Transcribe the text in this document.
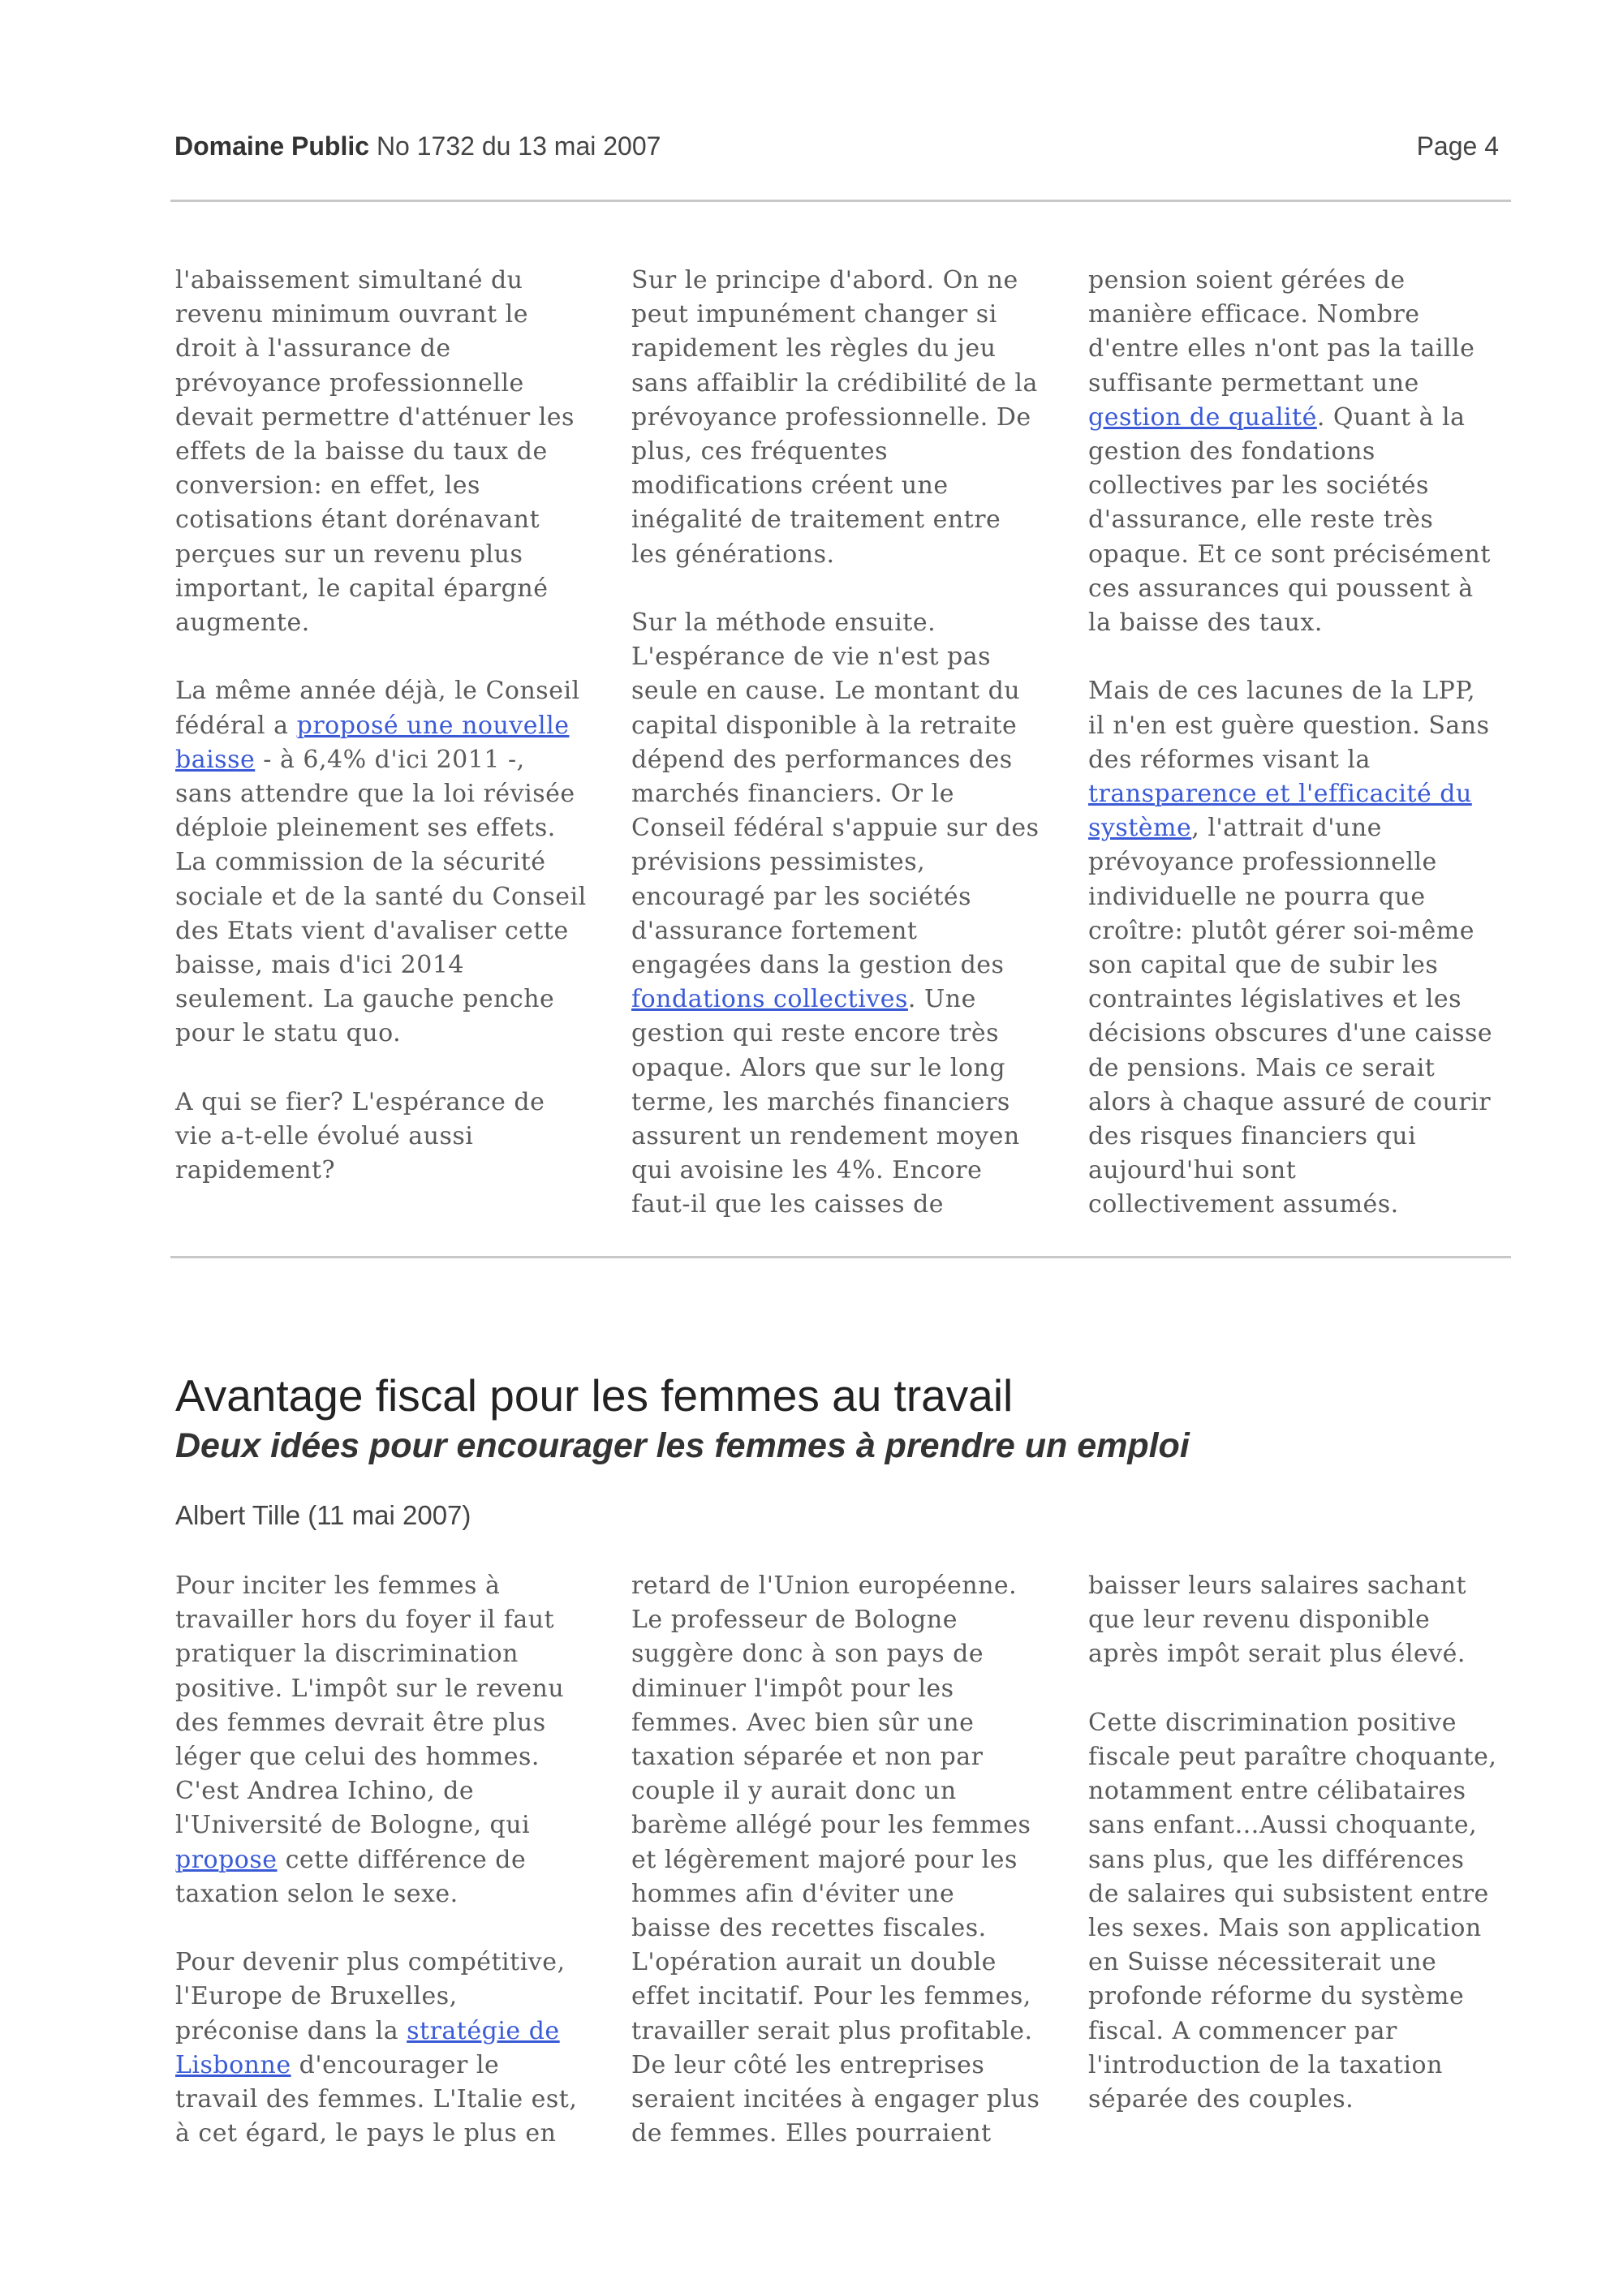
Domaine Public No 1732 du 13 mai 2007	Page 4

l'abaissement simultané du
revenu minimum ouvrant le
droit à l'assurance de
prévoyance professionnelle
devait permettre d'atténuer les
effets de la baisse du taux de
conversion: en effet, les
cotisations étant dorénavant
perçues sur un revenu plus
important, le capital épargné
augmente.

La même année déjà, le Conseil
fédéral a proposé une nouvelle
baisse - à 6,4% d'ici 2011 -,
sans attendre que la loi révisée
déploie pleinement ses effets.
La commission de la sécurité
sociale et de la santé du Conseil
des Etats vient d'avaliser cette
baisse, mais d'ici 2014
seulement. La gauche penche
pour le statu quo.

A qui se fier? L'espérance de
vie a-t-elle évolué aussi
rapidement?

Sur le principe d'abord. On ne
peut impunément changer si
rapidement les règles du jeu
sans affaiblir la crédibilité de la
prévoyance professionnelle. De
plus, ces fréquentes
modifications créent une
inégalité de traitement entre
les générations.

Sur la méthode ensuite.
L'espérance de vie n'est pas
seule en cause. Le montant du
capital disponible à la retraite
dépend des performances des
marchés financiers. Or le
Conseil fédéral s'appuie sur des
prévisions pessimistes,
encouragé par les sociétés
d'assurance fortement
engagées dans la gestion des
fondations collectives. Une
gestion qui reste encore très
opaque. Alors que sur le long
terme, les marchés financiers
assurent un rendement moyen
qui avoisine les 4%. Encore
faut-il que les caisses de

pension soient gérées de
manière efficace. Nombre
d'entre elles n'ont pas la taille
suffisante permettant une
gestion de qualité. Quant à la
gestion des fondations
collectives par les sociétés
d'assurance, elle reste très
opaque. Et ce sont précisément
ces assurances qui poussent à
la baisse des taux.

Mais de ces lacunes de la LPP,
il n'en est guère question. Sans
des réformes visant la
transparence et l'efficacité du
système, l'attrait d'une
prévoyance professionnelle
individuelle ne pourra que
croître: plutôt gérer soi-même
son capital que de subir les
contraintes législatives et les
décisions obscures d'une caisse
de pensions. Mais ce serait
alors à chaque assuré de courir
des risques financiers qui
aujourd'hui sont
collectivement assumés.

Avantage fiscal pour les femmes au travail
Deux idées pour encourager les femmes à prendre un emploi
Albert Tille (11 mai 2007)

Pour inciter les femmes à
travailler hors du foyer il faut
pratiquer la discrimination
positive. L'impôt sur le revenu
des femmes devrait être plus
léger que celui des hommes.
C'est Andrea Ichino, de
l'Université de Bologne, qui
propose cette différence de
taxation selon le sexe.

Pour devenir plus compétitive,
l'Europe de Bruxelles,
préconise dans la stratégie de
Lisbonne d'encourager le
travail des femmes. L'Italie est,
à cet égard, le pays le plus en

retard de l'Union européenne.
Le professeur de Bologne
suggère donc à son pays de
diminuer l'impôt pour les
femmes. Avec bien sûr une
taxation séparée et non par
couple il y aurait donc un
barème allégé pour les femmes
et légèrement majoré pour les
hommes afin d'éviter une
baisse des recettes fiscales.
L'opération aurait un double
effet incitatif. Pour les femmes,
travailler serait plus profitable.
De leur côté les entreprises
seraient incitées à engager plus
de femmes. Elles pourraient

baisser leurs salaires sachant
que leur revenu disponible
après impôt serait plus élevé.

Cette discrimination positive
fiscale peut paraître choquante,
notamment entre célibataires
sans enfant…Aussi choquante,
sans plus, que les différences
de salaires qui subsistent entre
les sexes. Mais son application
en Suisse nécessiterait une
profonde réforme du système
fiscal. A commencer par
l'introduction de la taxation
séparée des couples.
